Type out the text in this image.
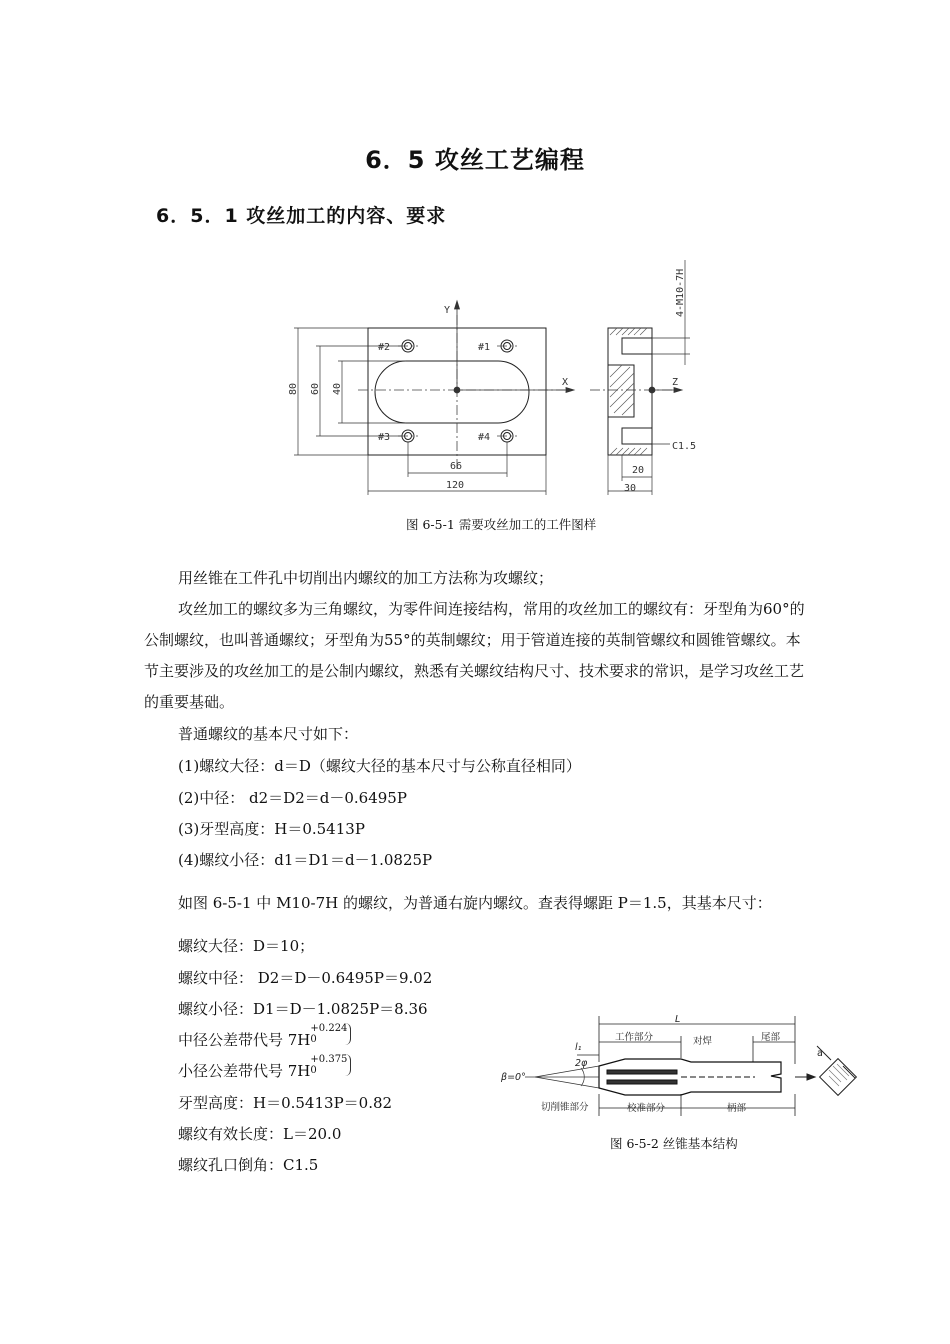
6．5 攻丝工艺编程
6．5．1 攻丝加工的内容、要求
Y
X	Z
#2	#1
#3	#4
66
120
20
30
C1.5
80 60 40
4-M10-7H
图 6-5-1 需要攻丝加工的工件图样
用丝锥在工件孔中切削出内螺纹的加工方法称为攻螺纹；
攻丝加工的螺纹多为三角螺纹，为零件间连接结构，常用的攻丝加工的螺纹有：牙型角为60°的公制螺纹，也叫普通螺纹；牙型角为55°的英制螺纹；用于管道连接的英制管螺纹和圆锥管螺纹。本节主要涉及的攻丝加工的是公制内螺纹，熟悉有关螺纹结构尺寸、技术要求的常识，是学习攻丝工艺的重要基础。
普通螺纹的基本尺寸如下：
(1)螺纹大径：d＝D（螺纹大径的基本尺寸与公称直径相同）
(2)中径： d2＝D2＝d－0.6495P
(3)牙型高度：H＝0.5413P
(4)螺纹小径：d1＝D1＝d－1.0825P
如图 6-5-1 中 M10-7H 的螺纹，为普通右旋内螺纹。查表得螺距 P＝1.5，其基本尺寸：
螺纹大径：D＝10；
螺纹中径： D2＝D－0.6495P＝9.02
螺纹小径：D1＝D－1.0825P＝8.36
中径公差带代号 7H
+0.224
0
小径公差带代号 7H
+0.375
0
牙型高度：H＝0.5413P＝0.82
螺纹有效长度：L＝20.0
螺纹孔口倒角：C1.5
L
工作部分	对焊	尾部
l₁
2φ
β=0°
切削锥部分	校准部分	柄部
a
图 6-5-2 丝锥基本结构
